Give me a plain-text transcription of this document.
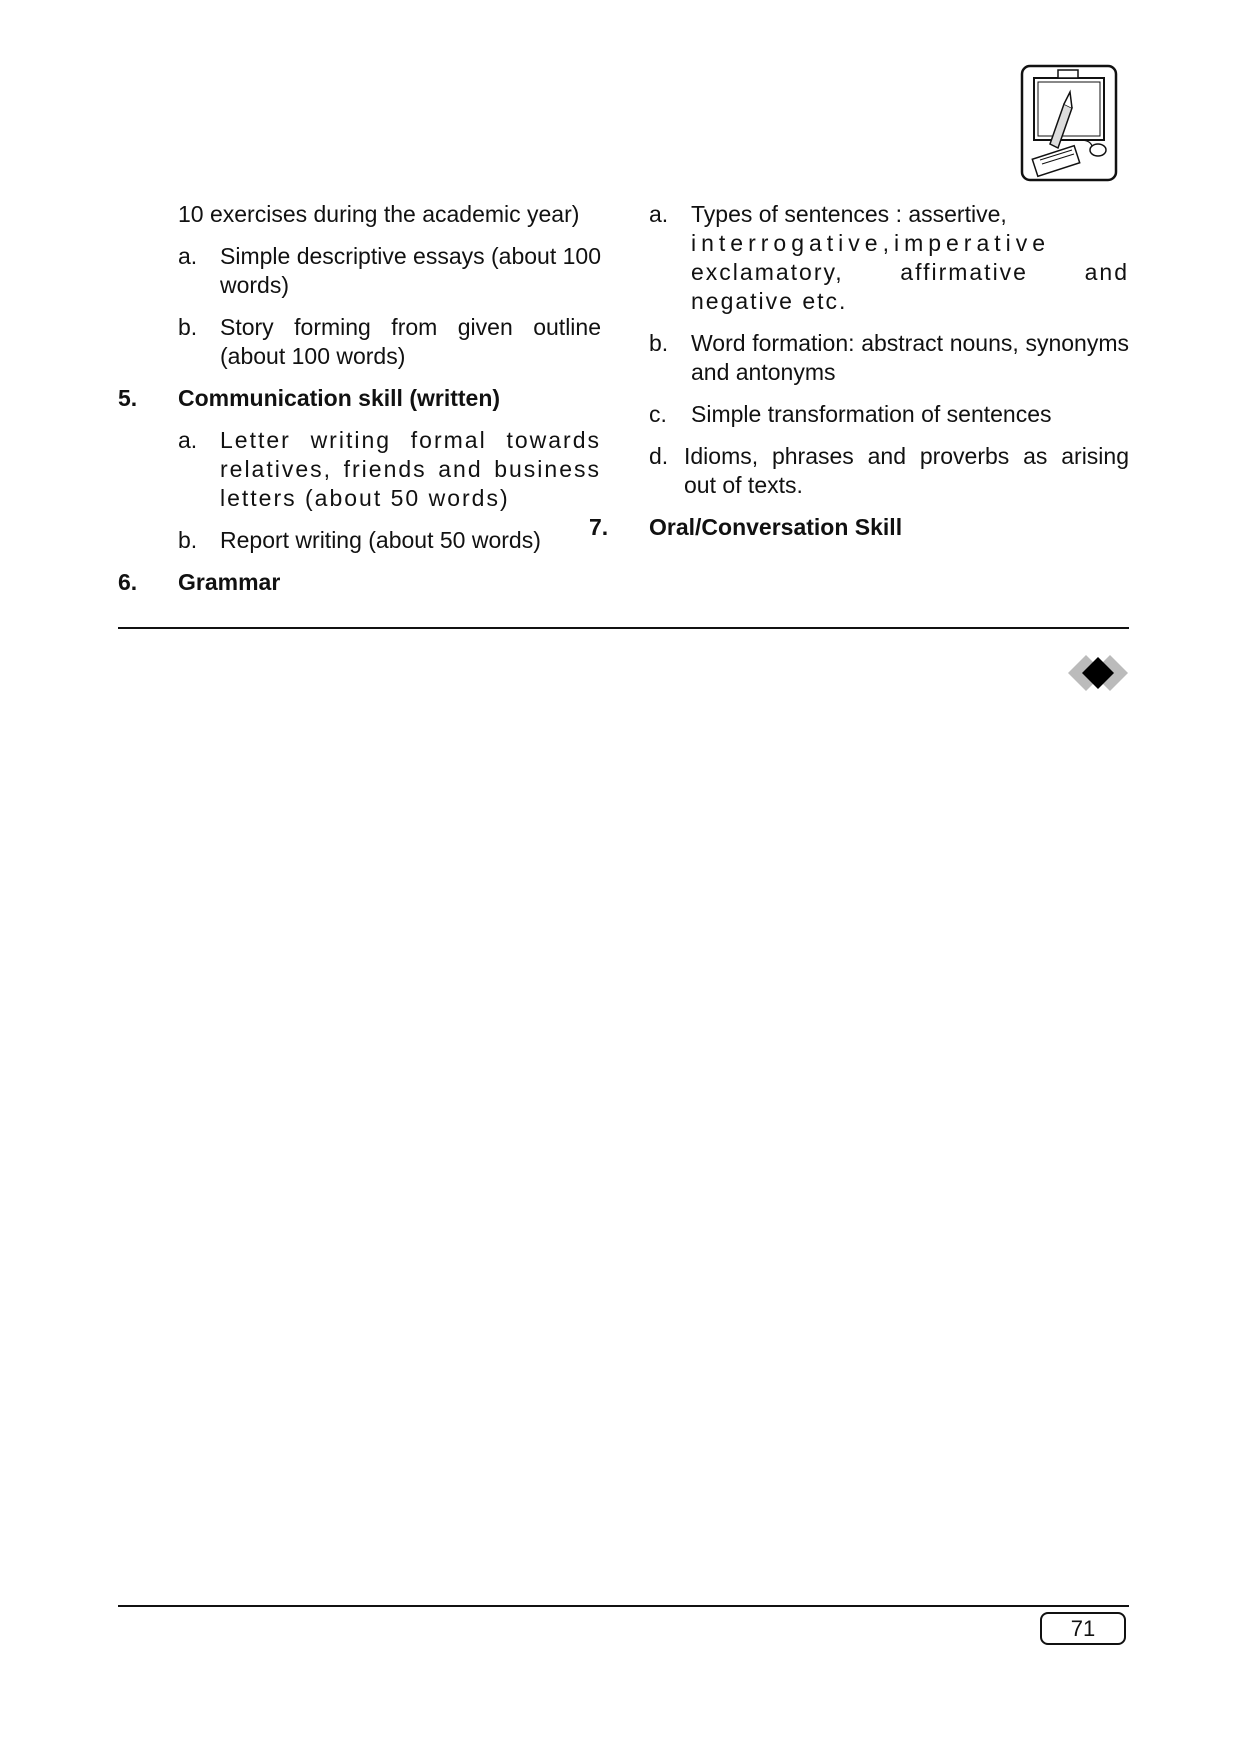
10 exercises during the academic year)
a. Simple descriptive essays (about 100 words)
b. Story forming from given outline (about 100 words)
5.	Communication skill (written)
a. Letter writing formal towards relatives, friends and business letters (about 50 words)
b. Report writing (about 50 words)
6.	Grammar
a. Types of sentences : assertive,
interrogative,imperative
exclamatory, affirmative and negative etc.
b. Word formation: abstract nouns, synonyms and antonyms
c.	Simple transformation of sentences
d. Idioms, phrases and proverbs as arising out of texts.
7.	Oral/Conversation Skill
71
